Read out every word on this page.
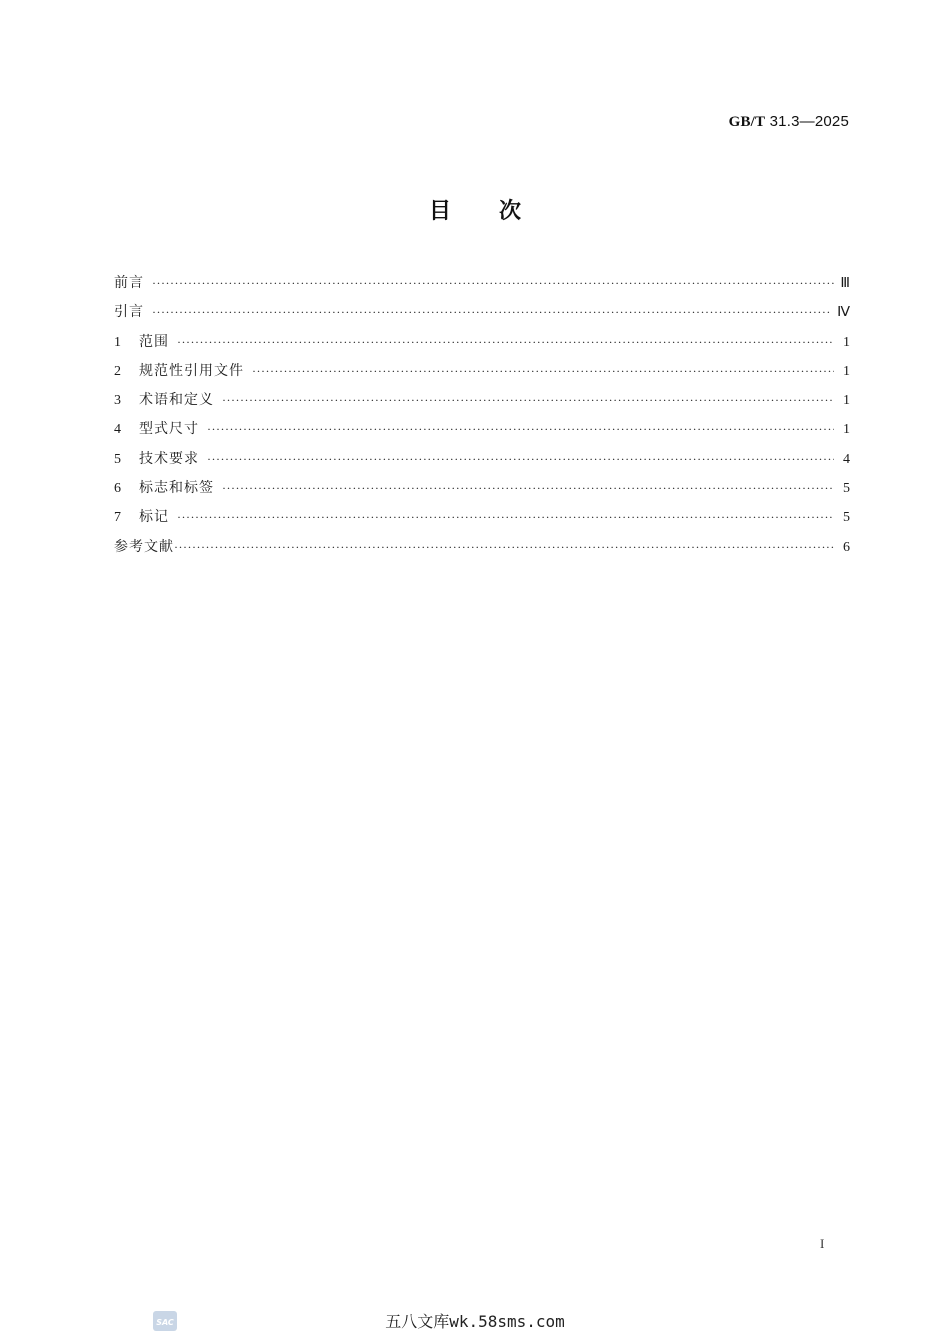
GB/T 31.3—2025
目 次
前言 ·····	Ⅲ
引言 ·····	Ⅳ
1	范围 ·····	1
2	规范性引用文件 ·····	1
3	术语和定义 ·····	1
4	型式尺寸 ·····	1
5	技术要求 ·····	4
6	标志和标签 ·····	5
7	标记 ·····	5
参考文献 ·····	6
I
SAC	五八文库wk.58sms.com
